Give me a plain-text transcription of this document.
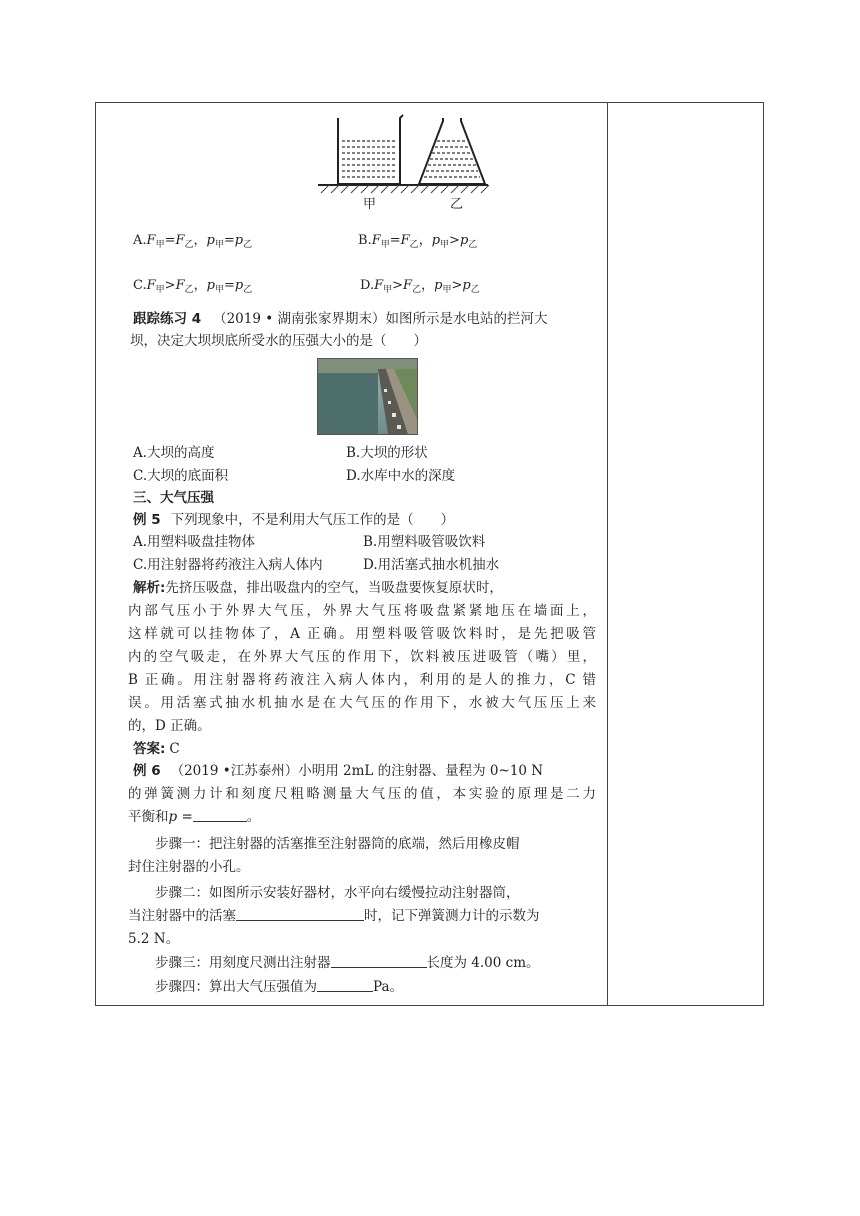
甲	乙
$A.F_甲=F_乙$，$p_甲=p_乙$	$B.F_甲=F_乙$，$p_甲>p_乙$
$C.F_甲>F_乙$，$p_甲=p_乙$	$D.F_甲>F_乙$，$p_甲>p_乙$
跟踪练习 4 （2019 • 湖南张家界期末）如图所示是水电站的拦河大
坝，决定大坝坝底所受水的压强大小的是（　　）
A.大坝的高度	B.大坝的形状
C.大坝的底面积	D.水库中水的深度
三、大气压强
例 5 下列现象中，不是利用大气压工作的是（　　）
A.用塑料吸盘挂物体	B.用塑料吸管吸饮料
C.用注射器将药液注入病人体内	D.用活塞式抽水机抽水
解析:先挤压吸盘，排出吸盘内的空气，当吸盘要恢复原状时，
内部气压小于外界大气压，外界大气压将吸盘紧紧地压在墙面上，
这样就可以挂物体了，A 正确。用塑料吸管吸饮料时，是先把吸管
内的空气吸走，在外界大气压的作用下，饮料被压进吸管（嘴）里，
B 正确。用注射器将药液注入病人体内，利用的是人的推力，C 错
误。用活塞式抽水机抽水是在大气压的作用下，水被大气压压上来
的，D 正确。
答案: C
例 6 （2019 •江苏泰州）小明用 2mL 的注射器、量程为 0~10 N
的弹簧测力计和刻度尺粗略测量大气压的值，本实验的原理是二力
平衡和p =	。
步骤一：把注射器的活塞推至注射器筒的底端，然后用橡皮帽
封住注射器的小孔。
步骤二：如图所示安装好器材，水平向右缓慢拉动注射器筒，
当注射器中的活塞	时，记下弹簧测力计的示数为
5.2 N。
步骤三：用刻度尺测出注射器	长度为 4.00 cm。
步骤四：算出大气压强值为	Pa。
